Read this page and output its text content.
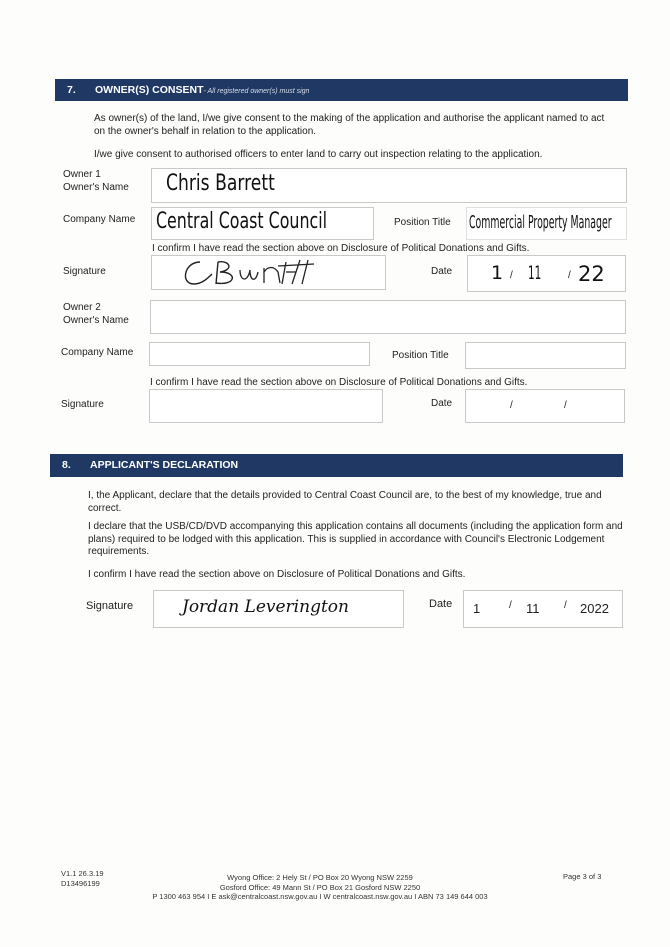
7. OWNER(S) CONSENT- All registered owner(s) must sign
As owner(s) of the land, I/we give consent to the making of the application and authorise the applicant named to act on the owner's behalf in relation to the application.
I/we give consent to authorised officers to enter land to carry out inspection relating to the application.
Owner 1
Owner's Name Chris Barrett
Company Name Central Coast Council	Position Title Commercial Property Manager
I confirm I have read the section above on Disclosure of Political Donations and Gifts.
Signature	Date 1 / 11	/ 22
Owner 2
Owner's Name
Company Name	Position Title
I confirm I have read the section above on Disclosure of Political Donations and Gifts.
Signature	Date	/	/
8. APPLICANT'S DECLARATION
I, the Applicant, declare that the details provided to Central Coast Council are, to the best of my knowledge, true and correct.
I declare that the USB/CD/DVD accompanying this application contains all documents (including the application form and plans) required to be lodged with this application. This is supplied in accordance with Council's Electronic Lodgement requirements.
I confirm I have read the section above on Disclosure of Political Donations and Gifts.
Signature	Jordan Leverington	Date 1	/ 11 / 2022
V1.1 26.3.19
D13496199
Wyong Office: 2 Hely St / PO Box 20 Wyong NSW 2259
Gosford Office: 49 Mann St / PO Box 21 Gosford NSW 2250
P 1300 463 954 I E ask@centralcoast.nsw.gov.au I W centralcoast.nsw.gov.au I ABN 73 149 644 003
Page 3 of 3
